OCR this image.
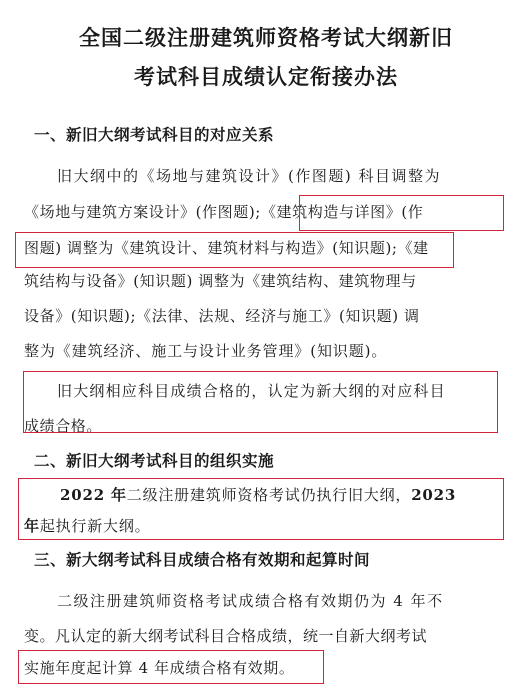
全国二级注册建筑师资格考试大纲新旧
考试科目成绩认定衔接办法
一、新旧大纲考试科目的对应关系
旧大纲中的《场地与建筑设计》(作图题) 科目调整为
《场地与建筑方案设计》(作图题);《建筑构造与详图》(作
图题) 调整为《建筑设计、建筑材料与构造》(知识题);《建
筑结构与设备》(知识题) 调整为《建筑结构、建筑物理与
设备》(知识题);《法律、法规、经济与施工》(知识题) 调
整为《建筑经济、施工与设计业务管理》(知识题)。
旧大纲相应科目成绩合格的，认定为新大纲的对应科目
成绩合格。
二、新旧大纲考试科目的组织实施
2022 年二级注册建筑师资格考试仍执行旧大纲，2023
年起执行新大纲。
三、新大纲考试科目成绩合格有效期和起算时间
二级注册建筑师资格考试成绩合格有效期仍为 4 年不
变。凡认定的新大纲考试科目合格成绩，统一自新大纲考试
实施年度起计算 4 年成绩合格有效期。
